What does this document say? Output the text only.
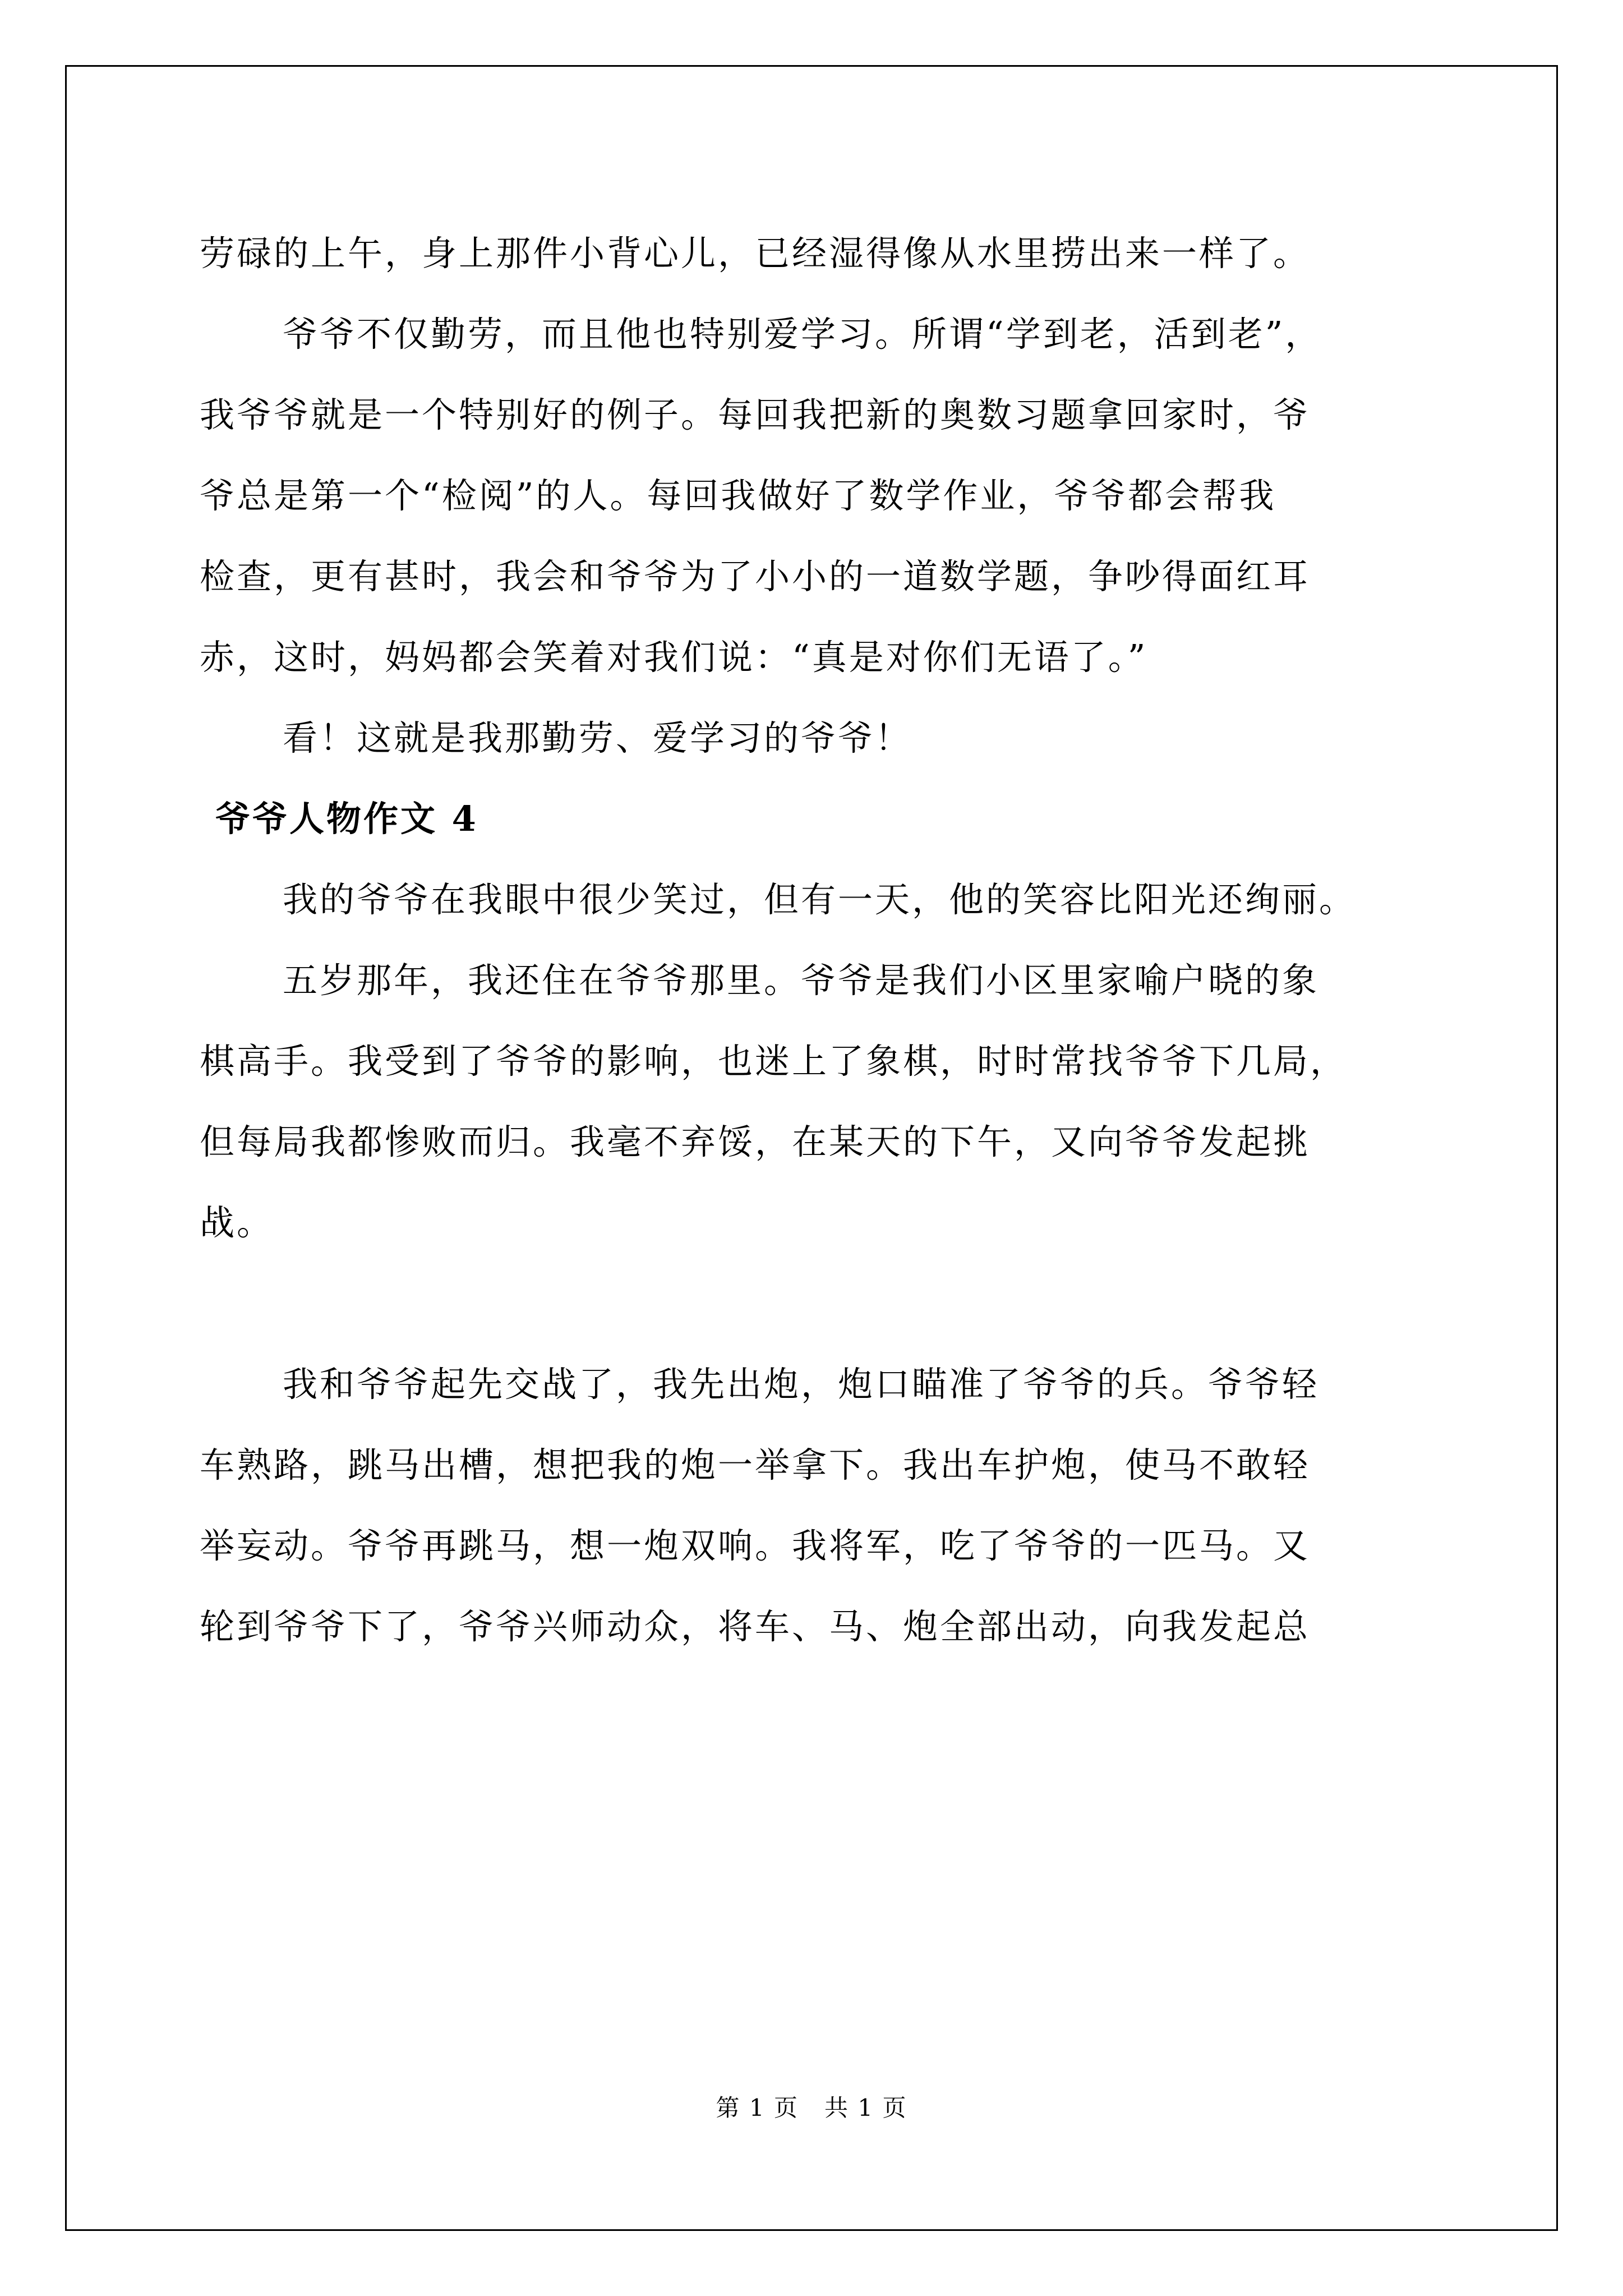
劳碌的上午，身上那件小背心儿，已经湿得像从水里捞出来一样了。

爷爷不仅勤劳，而且他也特别爱学习。所谓“学到老，活到老”，
我爷爷就是一个特别好的例子。每回我把新的奥数习题拿回家时，爷
爷总是第一个“检阅”的人。每回我做好了数学作业，爷爷都会帮我
检查，更有甚时，我会和爷爷为了小小的一道数学题，争吵得面红耳
赤，这时，妈妈都会笑着对我们说：“真是对你们无语了。”

看！这就是我那勤劳、爱学习的爷爷！

爷爷人物作文 4

我的爷爷在我眼中很少笑过，但有一天，他的笑容比阳光还绚丽。

五岁那年，我还住在爷爷那里。爷爷是我们小区里家喻户晓的象
棋高手。我受到了爷爷的影响，也迷上了象棋，时时常找爷爷下几局，
但每局我都惨败而归。我毫不弃馁，在某天的下午，又向爷爷发起挑
战。

我和爷爷起先交战了，我先出炮，炮口瞄准了爷爷的兵。爷爷轻
车熟路，跳马出槽，想把我的炮一举拿下。我出车护炮，使马不敢轻
举妄动。爷爷再跳马，想一炮双响。我将军，吃了爷爷的一匹马。又
轮到爷爷下了，爷爷兴师动众，将车、马、炮全部出动，向我发起总

第 1 页   共 1 页
